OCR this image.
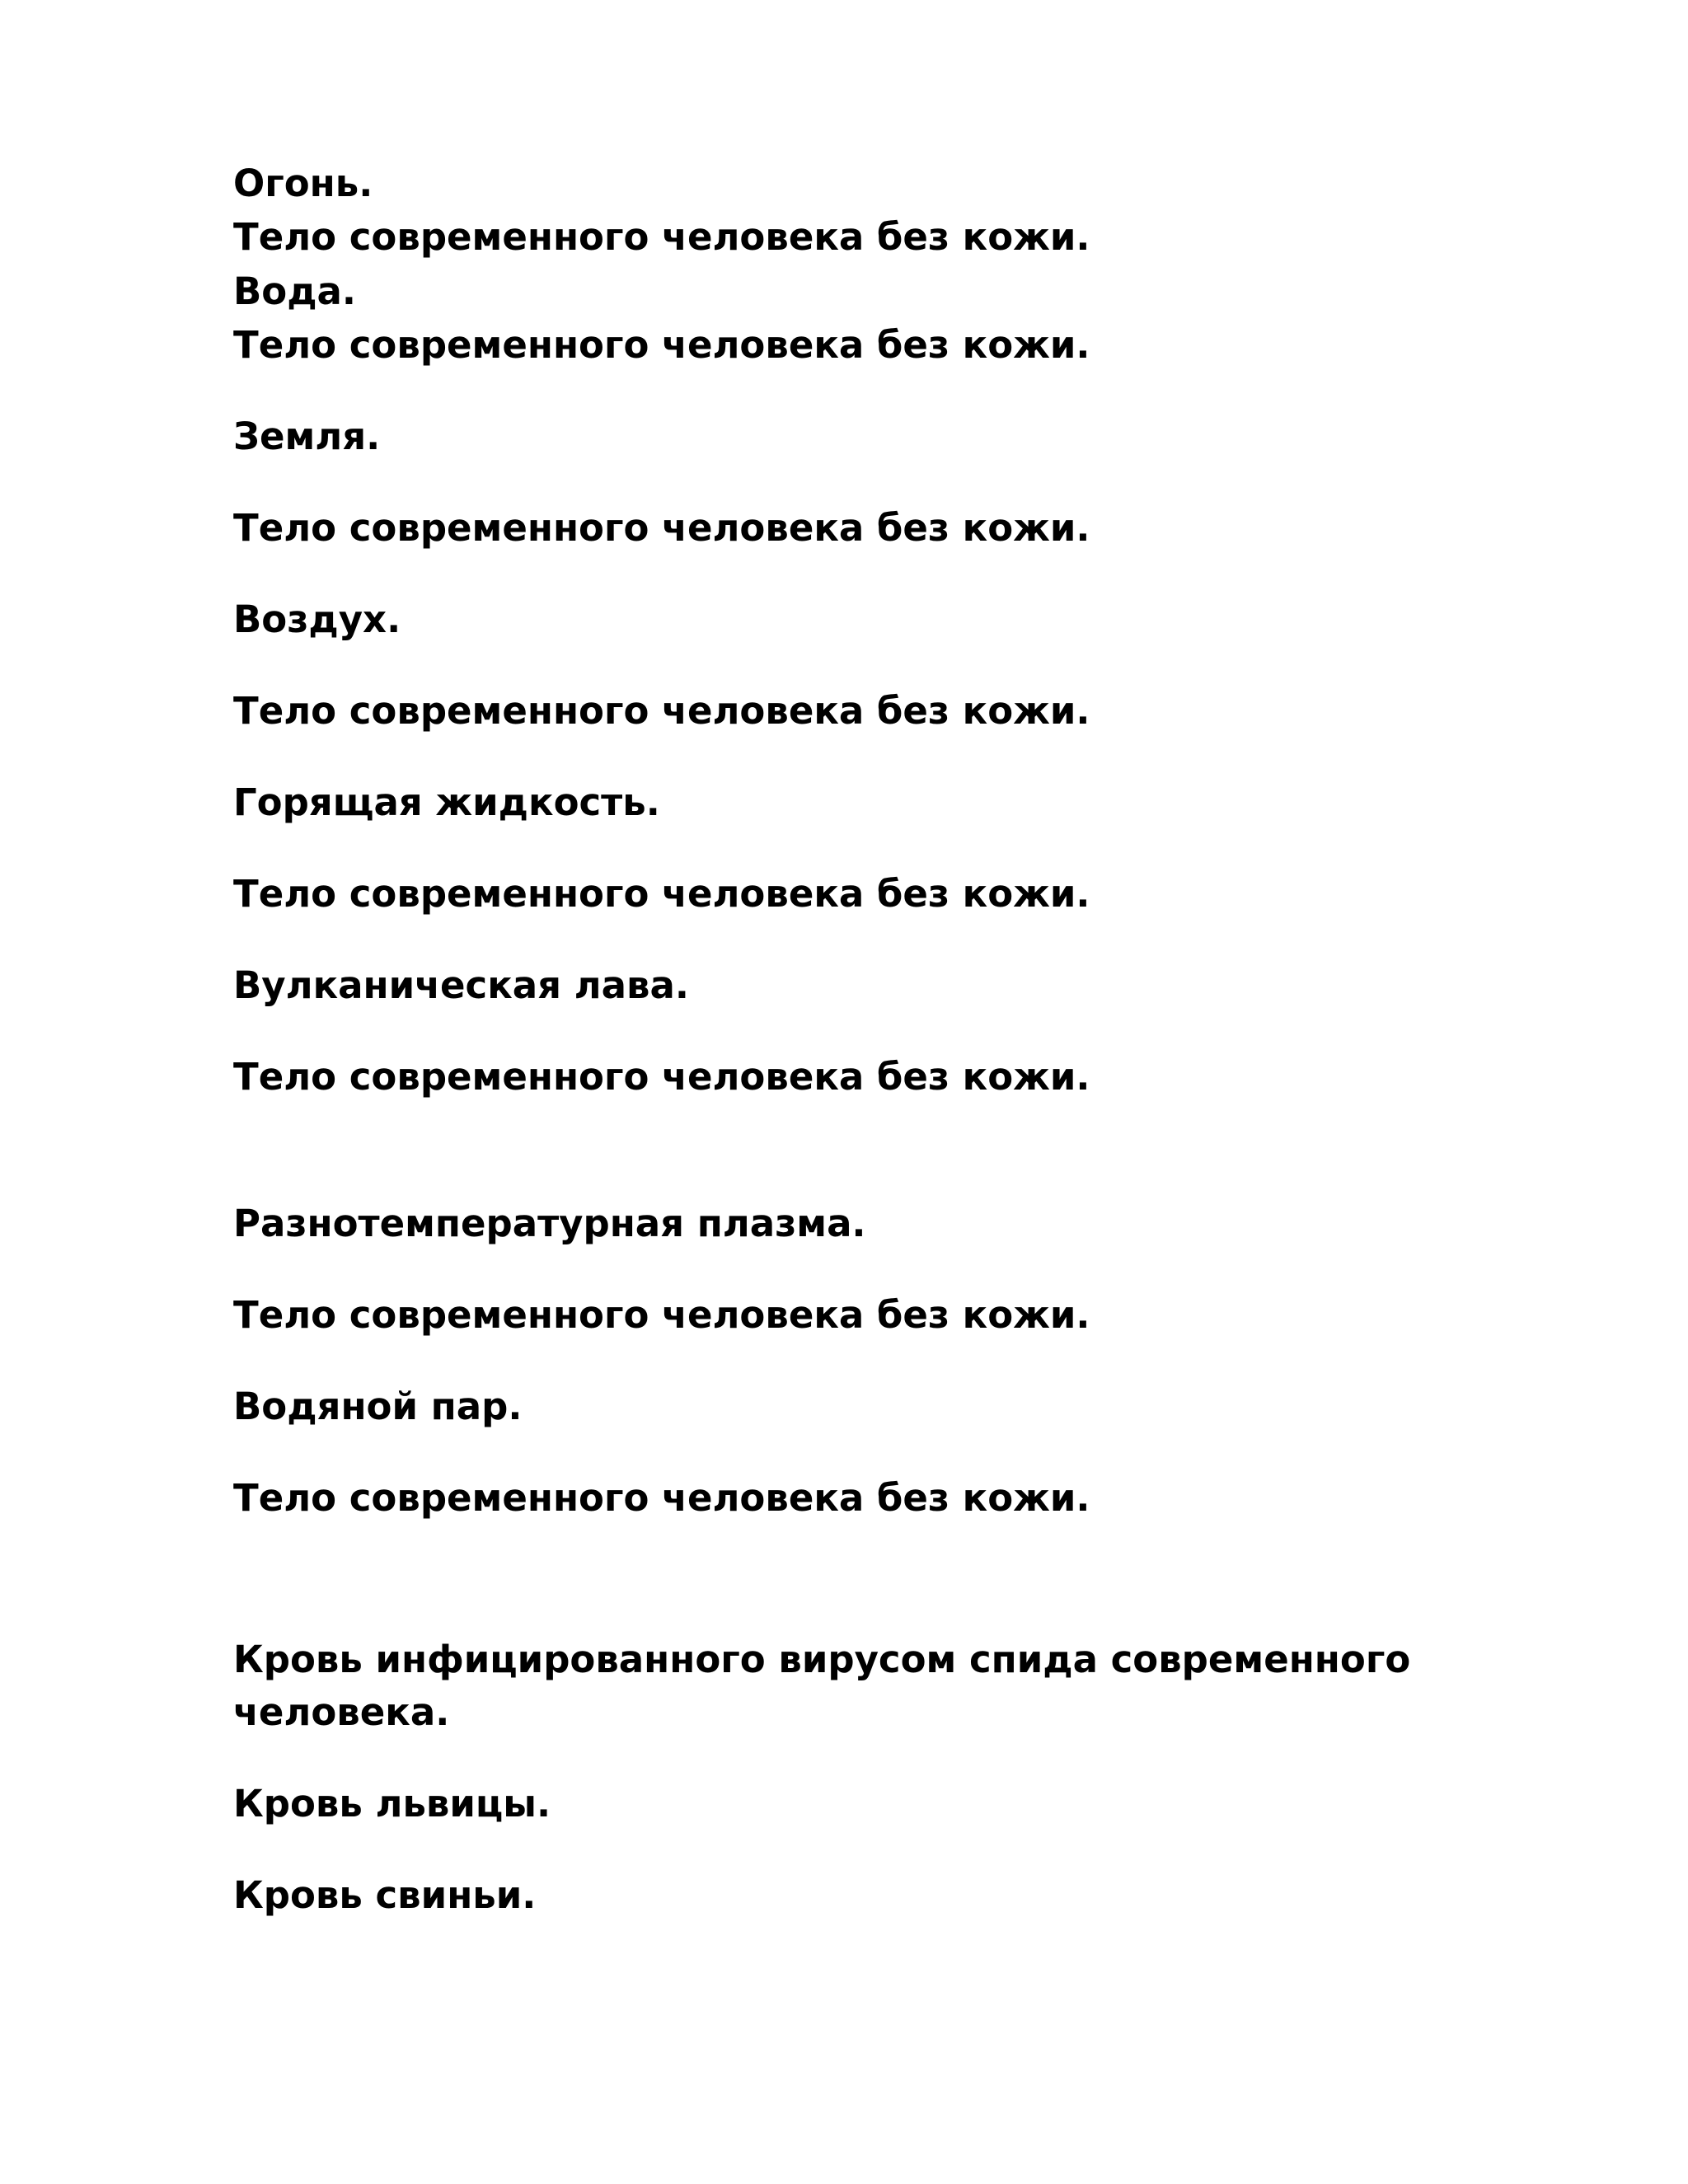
Огонь.

Тело современного человека без кожи.

Вода.

Тело современного человека без кожи.

Земля.

Тело современного человека без кожи.

Воздух.

Тело современного человека без кожи.

Горящая жидкость.

Тело современного человека без кожи.

Вулканическая лава.

Тело современного человека без кожи.

Разнотемпературная плазма.

Тело современного человека без кожи.

Водяной пар.

Тело современного человека без кожи.

Кровь инфицированного вирусом спида современного

человека.

Кровь львицы.

Кровь свиньи.
